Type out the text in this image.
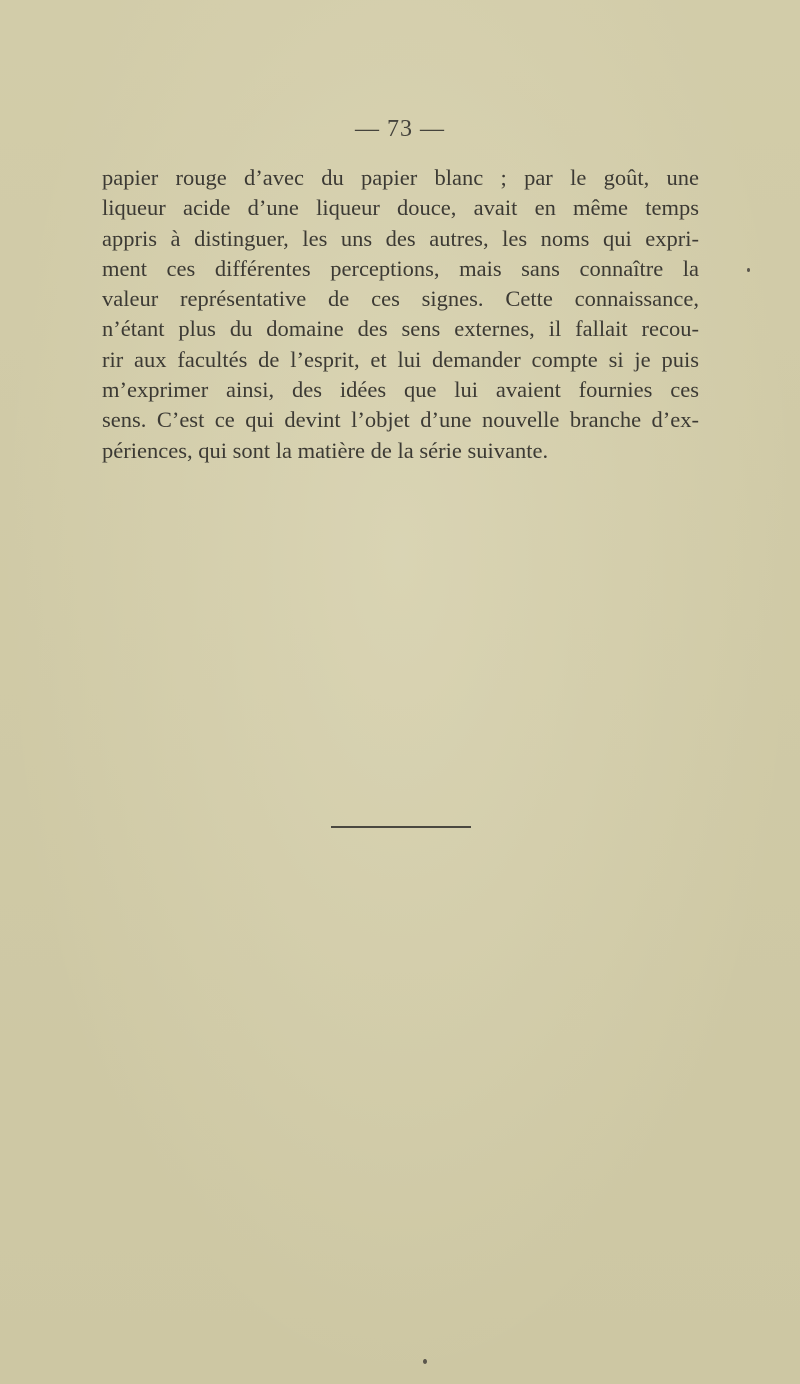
— 73 —
papier rouge d’avec du papier blanc ; par le goût, une
liqueur acide d’une liqueur douce, avait en même temps
appris à distinguer, les uns des autres, les noms qui expri-
ment ces différentes perceptions, mais sans connaître la
valeur représentative de ces signes. Cette connaissance,
n’étant plus du domaine des sens externes, il fallait recou-
rir aux facultés de l’esprit, et lui demander compte si je puis
m’exprimer ainsi, des idées que lui avaient fournies ces
sens. C’est ce qui devint l’objet d’une nouvelle branche d’ex-
périences, qui sont la matière de la série suivante.
